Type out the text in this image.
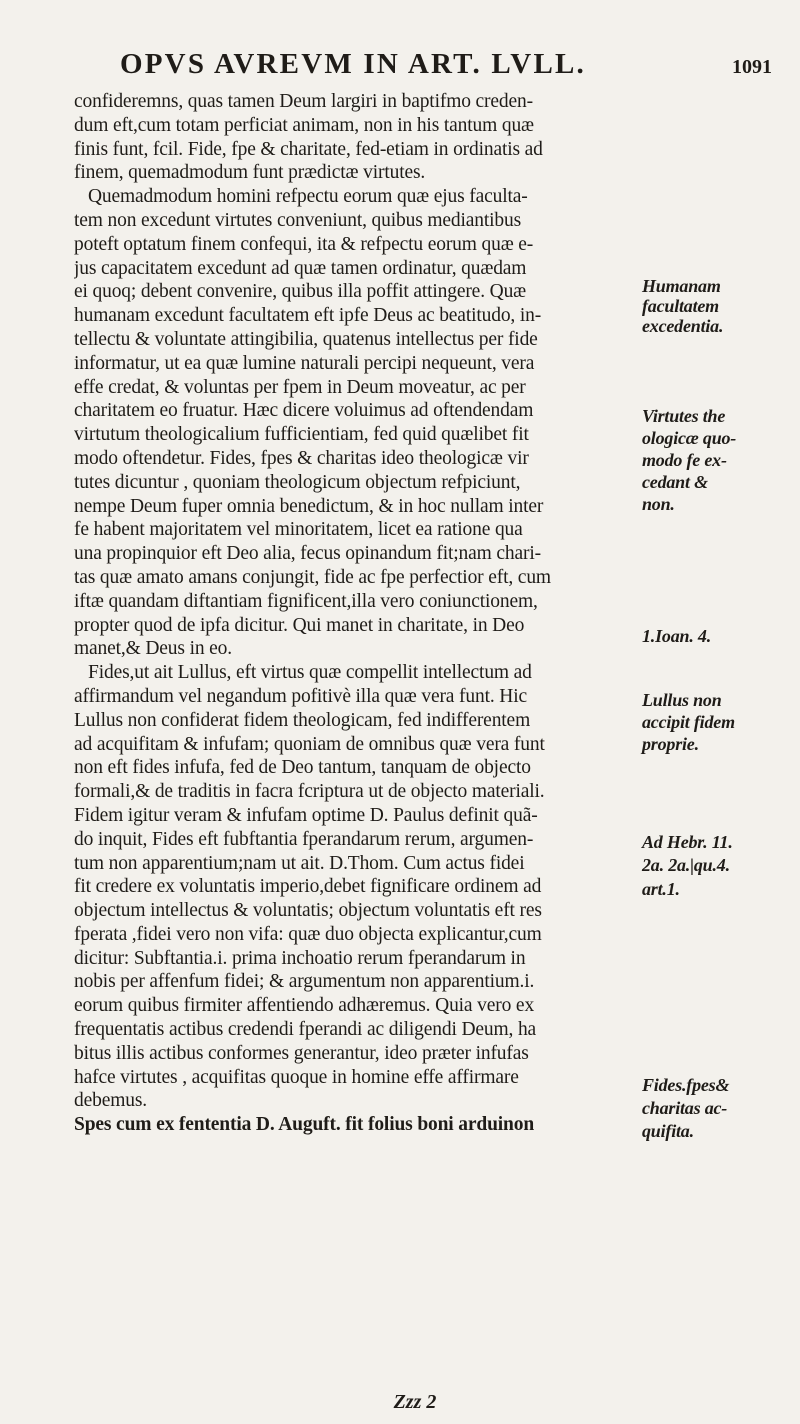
OPVS AVREVM IN ART. LVLL.	1091
confideremns, quas tamen Deum largiri in baptifmo creden-
dum eft,cum totam perficiat animam, non in his tantum quæ
finis funt, fcil. Fide, fpe & charitate, fed-etiam in ordinatis ad
finem, quemadmodum funt prædictæ virtutes.
Quemadmodum homini refpectu eorum quæ ejus faculta-
tem non excedunt virtutes conveniunt, quibus mediantibus
poteft optatum finem confequi, ita & refpectu eorum quæ e-
jus capacitatem excedunt ad quæ tamen ordinatur, quædam
ei quoq; debent convenire, quibus illa poffit attingere. Quæ
humanam excedunt facultatem eft ipfe Deus ac beatitudo, in-
tellectu & voluntate attingibilia, quatenus intellectus per fide
informatur, ut ea quæ lumine naturali percipi nequeunt, vera
effe credat, & voluntas per fpem in Deum moveatur, ac per
charitatem eo fruatur. Hæc dicere voluimus ad oftendendam
virtutum theologicalium fufficientiam, fed quid quælibet fit
modo oftendetur. Fides, fpes & charitas ideo theologicæ vir
tutes dicuntur , quoniam theologicum objectum refpiciunt,
nempe Deum fuper omnia benedictum, & in hoc nullam inter
fe habent majoritatem vel minoritatem, licet ea ratione qua
una propinquior eft Deo alia, fecus opinandum fit;nam chari-
tas quæ amato amans conjungit, fide ac fpe perfectior eft, cum
iftæ quandam diftantiam fignificent,illa vero coniunctionem,
propter quod de ipfa dicitur. Qui manet in charitate, in Deo
manet,& Deus in eo.
Fides,ut ait Lullus, eft virtus quæ compellit intellectum ad
affirmandum vel negandum pofitivè illa quæ vera funt. Hic
Lullus non confiderat fidem theologicam, fed indifferentem
ad acquifitam & infufam; quoniam de omnibus quæ vera funt
non eft fides infufa, fed de Deo tantum, tanquam de objecto
formali,& de traditis in facra fcriptura ut de objecto materiali.
Fidem igitur veram & infufam optime D. Paulus definit quã-
do inquit, Fides eft fubftantia fperandarum rerum, argumen-
tum non apparentium;nam ut ait. D.Thom. Cum actus fidei
fit credere ex voluntatis imperio,debet fignificare ordinem ad
objectum intellectus & voluntatis; objectum voluntatis eft res
fperata ,fidei vero non vifa: quæ duo objecta explicantur,cum
dicitur: Subftantia.i. prima inchoatio rerum fperandarum in
nobis per affenfum fidei; & argumentum non apparentium.i.
eorum quibus firmiter affentiendo adhæremus. Quia vero ex
frequentatis actibus credendi fperandi ac diligendi Deum, ha
bitus illis actibus conformes generantur, ideo præter infufas
hafce virtutes , acquifitas quoque in homine effe affirmare
debemus.
Spes cum ex fententia D. Auguft. fit folius boni arduinon
Humanam
facultatem
excedentia.
Virtutes the
ologicæ quo-
modo fe ex-
cedant &
non.
1.Ioan. 4.
Lullus non
accipit fidem
proprie.
Ad Hebr. 11.
2a. 2a.|qu.4.
art.1.
Fides.fpes&
charitas ac-
quifita.
Zzz 2
